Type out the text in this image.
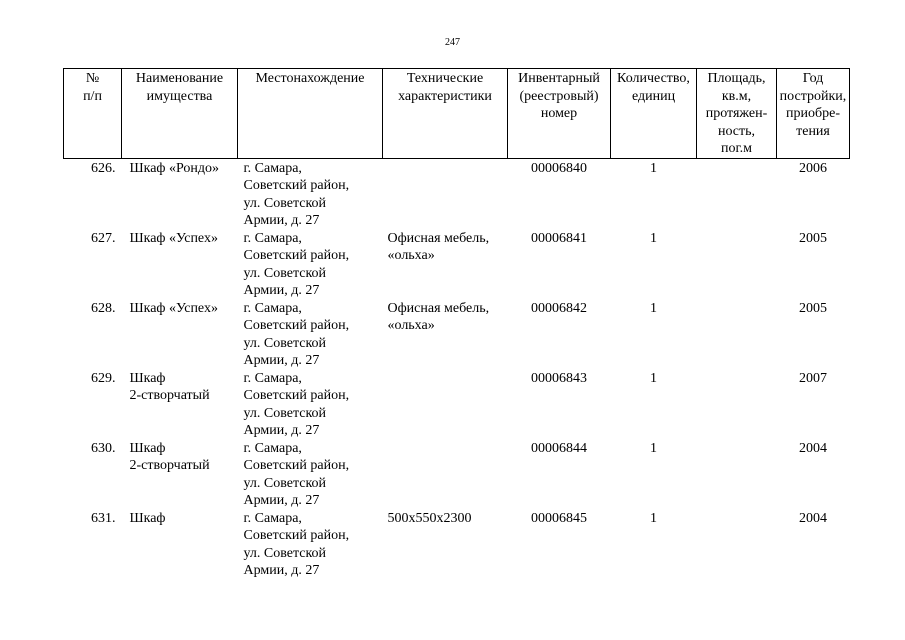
247
№
п/п	Наименование
имущества	Местонахождение	Технические
характеристики	Инвентарный
(реестровый)
номер	Количество,
единиц	Площадь,
кв.м,
протяжен-
ность,
пог.м	Год
постройки,
приобре-
тения
626.	Шкаф «Рондо»	г. Самара,
Советский район,
ул. Советской
Армии, д. 27		00006840	1		2006
627.	Шкаф «Успех»	г. Самара,
Советский район,
ул. Советской
Армии, д. 27	Офисная мебель,
«ольха»	00006841	1		2005
628.	Шкаф «Успех»	г. Самара,
Советский район,
ул. Советской
Армии, д. 27	Офисная мебель,
«ольха»	00006842	1		2005
629.	Шкаф
2-створчатый	г. Самара,
Советский район,
ул. Советской
Армии, д. 27		00006843	1		2007
630.	Шкаф
2-створчатый	г. Самара,
Советский район,
ул. Советской
Армии, д. 27		00006844	1		2004
631.	Шкаф	г. Самара,
Советский район,
ул. Советской
Армии, д. 27	500x550x2300	00006845	1		2004
